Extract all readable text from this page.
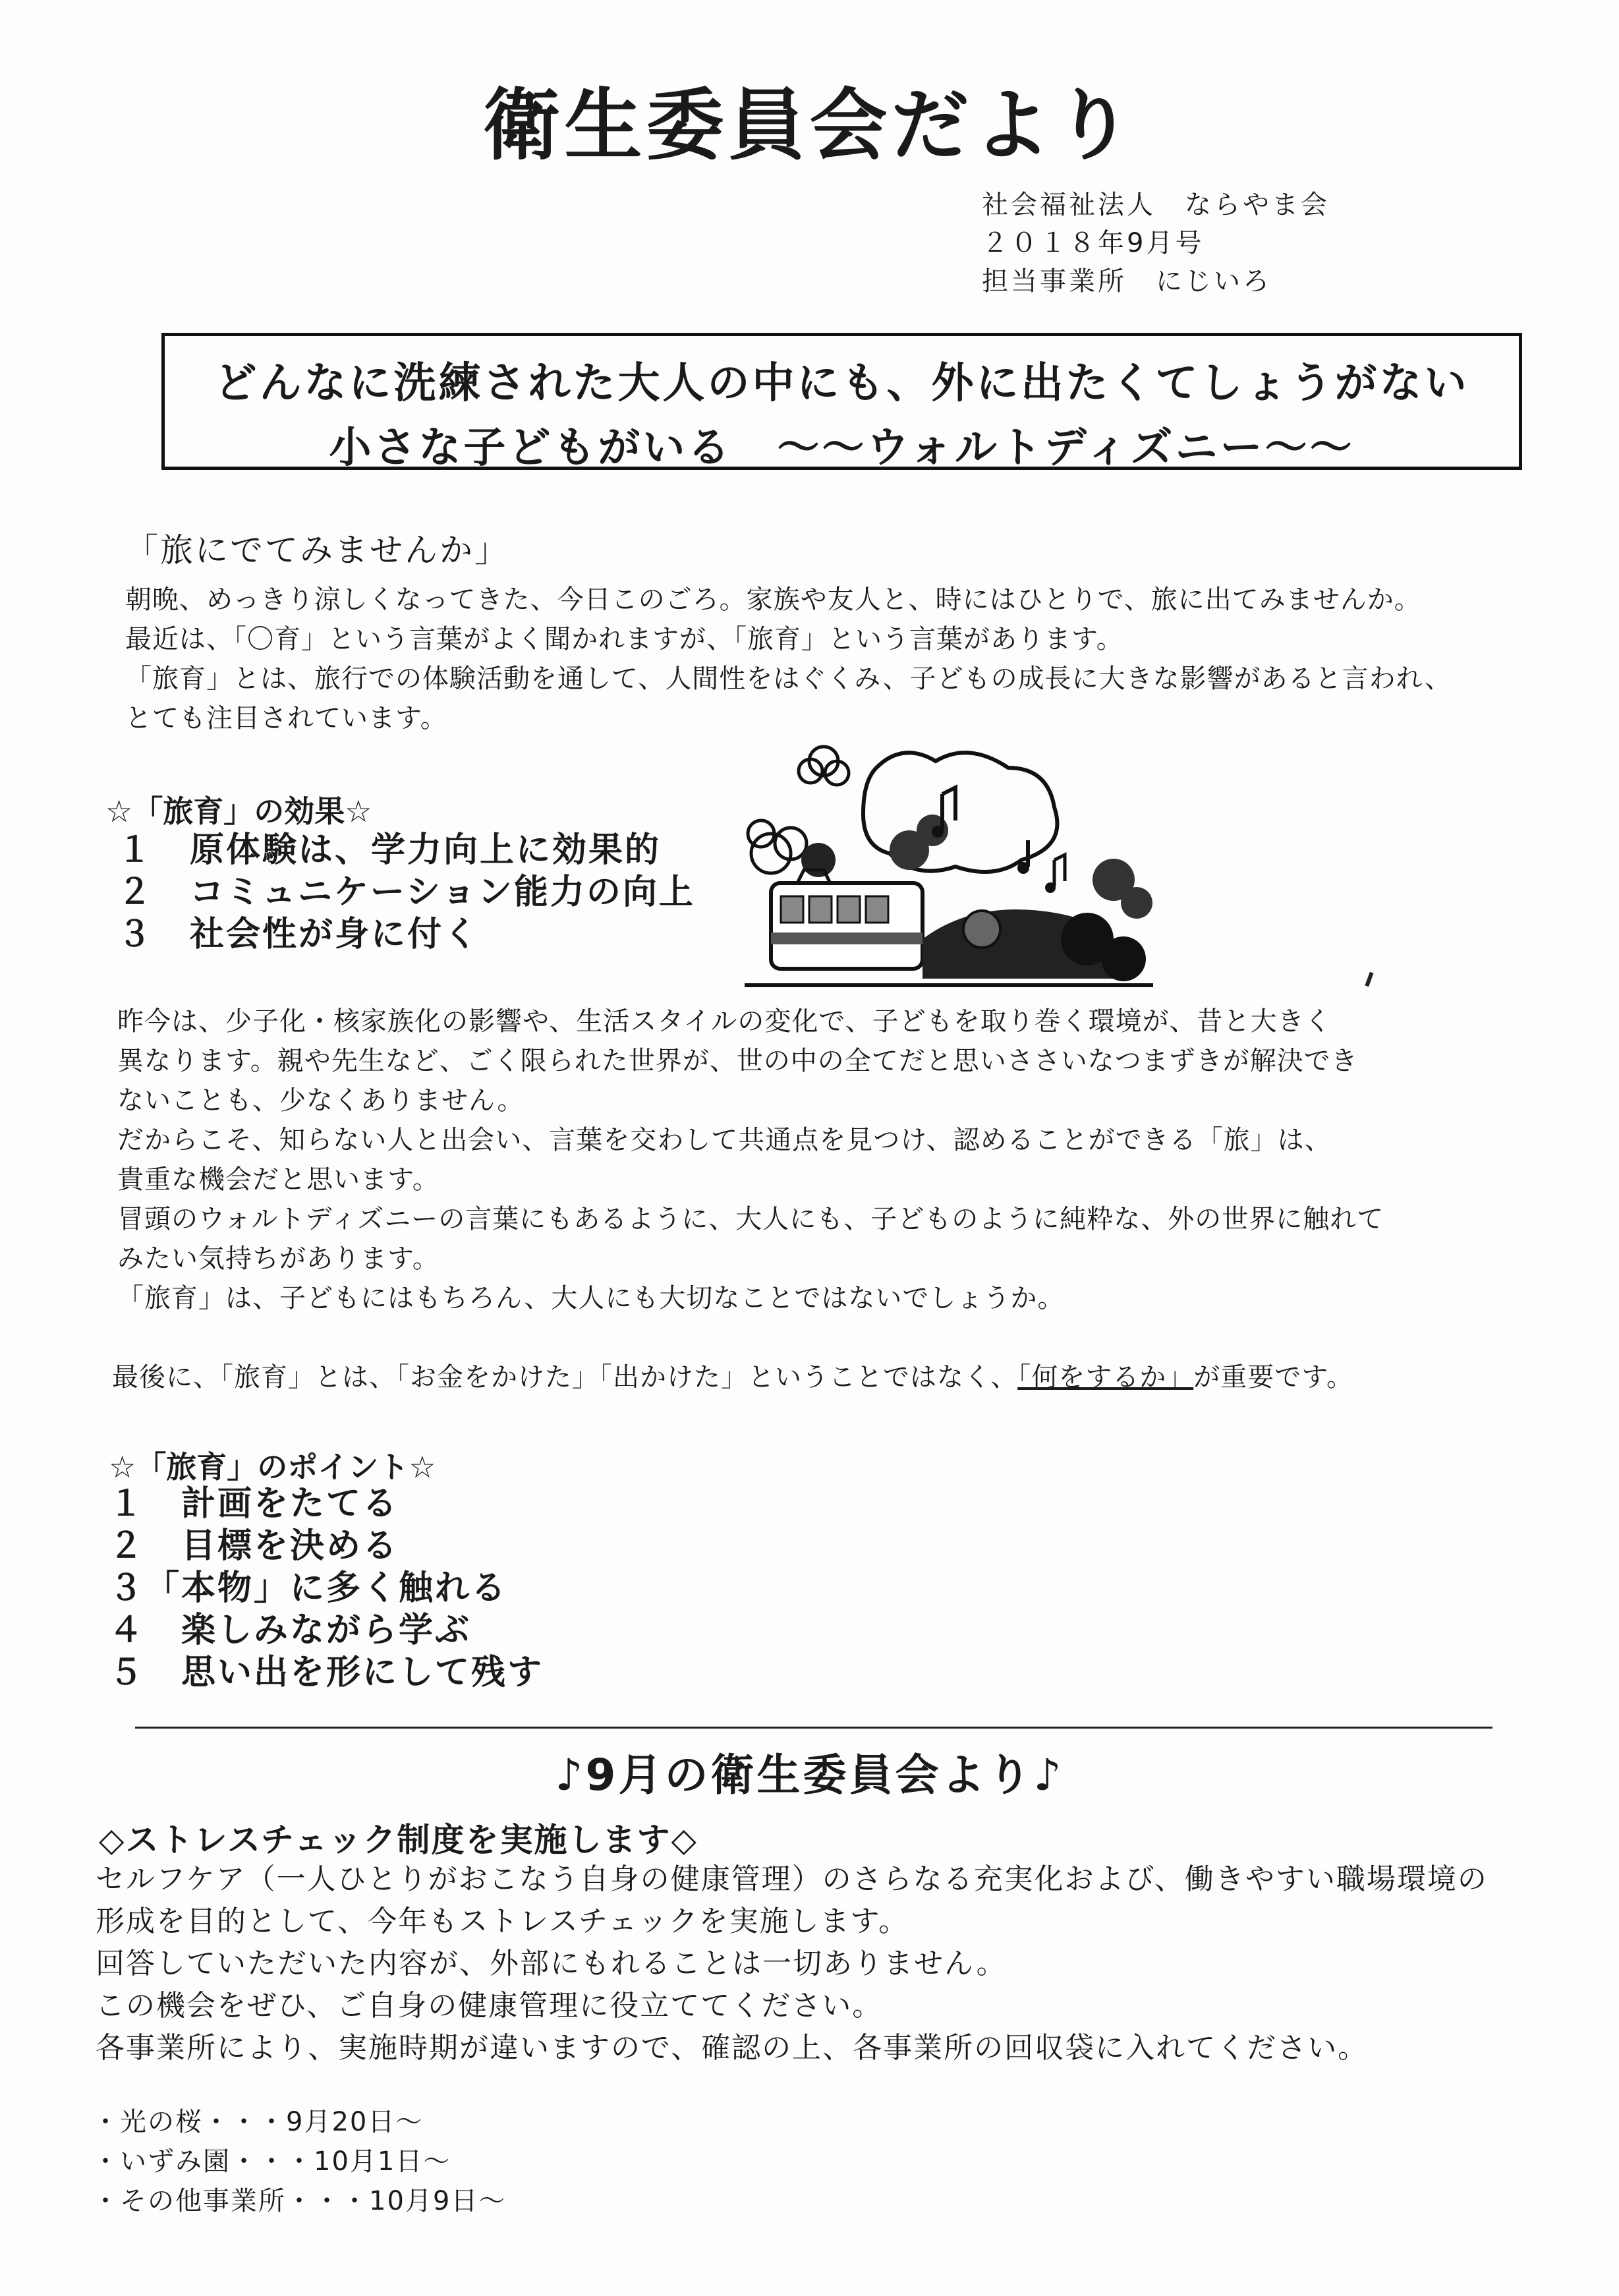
衛生委員会だより
社会福祉法人　ならやま会
２０１８年9月号
担当事業所　にじいろ

どんなに洗練された大人の中にも、外に出たくてしょうがない

小さな子どもがいる　～～ウォルトディズニー～～

「旅にでてみませんか」
朝晩、めっきり涼しくなってきた、今日このごろ。家族や友人と、時にはひとりで、旅に出てみませんか。
最近は、「〇育」という言葉がよく聞かれますが、「旅育」という言葉があります。
「旅育」とは、旅行での体験活動を通して、人間性をはぐくみ、子どもの成長に大きな影響があると言われ、
とても注目されています。
☆「旅育」の効果☆
１　原体験は、学力向上に効果的
２　コミュニケーション能力の向上
３　社会性が身に付く
昨今は、少子化・核家族化の影響や、生活スタイルの変化で、子どもを取り巻く環境が、昔と大きく
異なります。親や先生など、ごく限られた世界が、世の中の全てだと思いささいなつまずきが解決でき
ないことも、少なくありません。
だからこそ、知らない人と出会い、言葉を交わして共通点を見つけ、認めることができる「旅」は、
貴重な機会だと思います。
冒頭のウォルトディズニーの言葉にもあるように、大人にも、子どものように純粋な、外の世界に触れて
みたい気持ちがあります。
「旅育」は、子どもにはもちろん、大人にも大切なことではないでしょうか。
最後に、「旅育」とは、「お金をかけた」「出かけた」ということではなく、「何をするか」が重要です。
☆「旅育」のポイント☆
１　計画をたてる
２　目標を決める
３「本物」に多く触れる
４　楽しみながら学ぶ
５　思い出を形にして残す
♪9月の衛生委員会より♪
◇ストレスチェック制度を実施します◇
セルフケア（一人ひとりがおこなう自身の健康管理）のさらなる充実化および、働きやすい職場環境の
形成を目的として、今年もストレスチェックを実施します。
回答していただいた内容が、外部にもれることは一切ありません。
この機会をぜひ、ご自身の健康管理に役立ててください。
各事業所により、実施時期が違いますので、確認の上、各事業所の回収袋に入れてください。
・光の桜・・・9月20日～
・いずみ園・・・10月1日～
・その他事業所・・・10月9日～
